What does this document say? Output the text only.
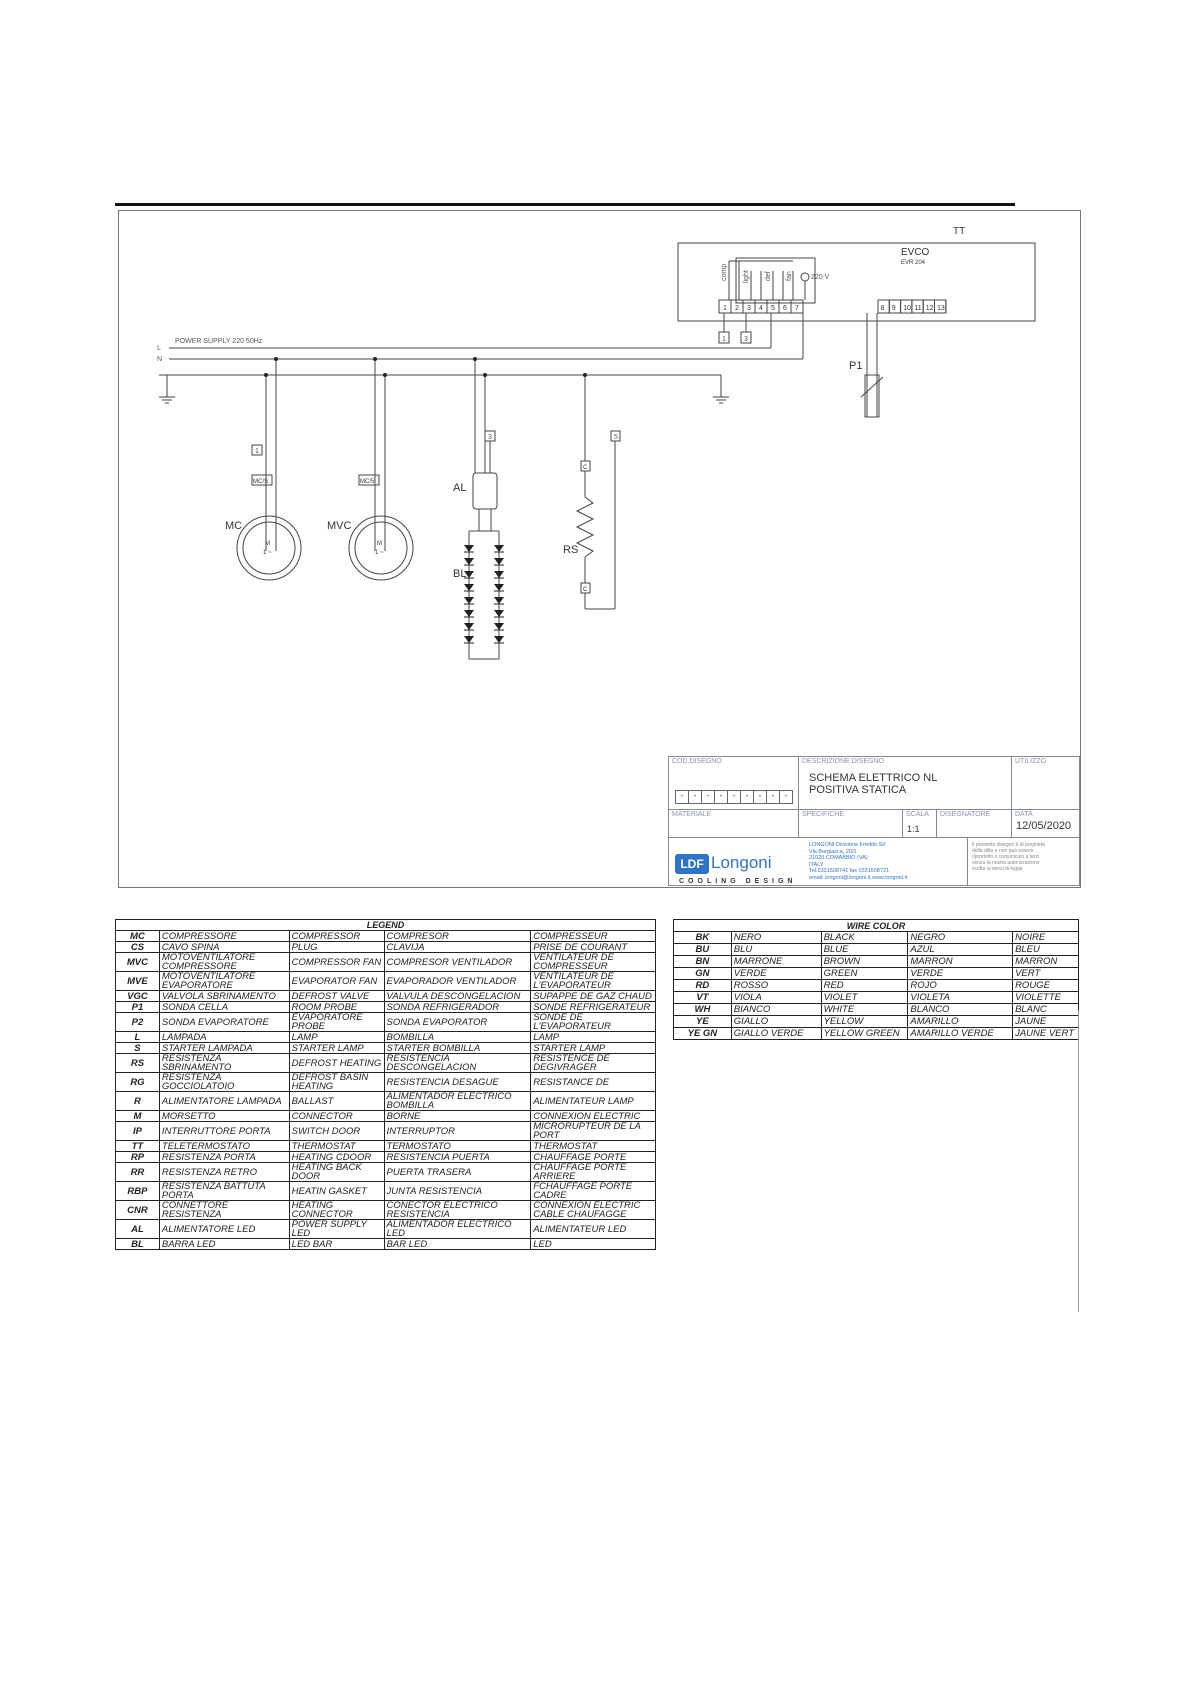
TT
EVCO
EVR 204
POWER SUPPLY 220 50Hz
L
N
comp light def fan	220 V
1 2 3 4 5 6 7	8 9 10 11 12 13
1	3
1
MC/S	MC/5
3	5
C
C
P1
MC	MVC
AL
BL
RS
M
1 ~
M
1 ~
COD.DISEGNO
-	-	-	-	-	-	-	-	-
DESCRIZIONE DISEGNO
SCHEMA ELETTRICO NL
POSITIVA STATICA
UTILIZZO
MATERIALE	SPECIFICHE	SCALA
1:1
DISEGNATORE	DATA
12/05/2020
LDF Longoni
COOLING DESIGN
LONGONI Divisione Freddo Srl
Via Borgiasca, 20/1
21020 COMABBIO (VA)
ITALY
Tel.0331508741 fax 0331508721
email: longoni@longoni.it www.longoni.it
Il presente disegno è di proprietà
della ditta e non può essere
riprodotto o comunicato a terzi
senza la nostra autorizzazione
scritta ai sensi di legge
LEGEND				
MC	COMPRESSORE	COMPRESSOR	COMPRESOR	COMPRESSEUR
CS	CAVO SPINA	PLUG	CLAVIJA	PRISE DE COURANT
MVC	MOTOVENTILATORE COMPRESSORE	COMPRESSOR FAN	COMPRESOR VENTILADOR	VENTILATEUR DE COMPRESSEUR
MVE	MOTOVENTILATORE EVAPORATORE	EVAPORATOR FAN	EVAPORADOR VENTILADOR	VENTILATEUR DE L'EVAPORATEUR
VGC	VALVOLA SBRINAMENTO	DEFROST VALVE	VALVULA DESCONGELACION	SUPAPPE DE GAZ CHAUD
P1	SONDA CELLA	ROOM PROBE	SONDA REFRIGERADOR	SONDE REFRIGERATEUR
P2	SONDA EVAPORATORE	EVAPORATORE PROBE	SONDA EVAPORATOR	SONDE DE L'EVAPORATEUR
L	LAMPADA	LAMP	BOMBILLA	LAMP
S	STARTER LAMPADA	STARTER LAMP	STARTER BOMBILLA	STARTER LAMP
RS	RESISTENZA SBRINAMENTO	DEFROST HEATING	RESISTENCIA DESCONGELACION	RESISTENCE DE DEGIVRAGER
RG	RESISTENZA GOCCIOLATOIO	DEFROST BASIN HEATING	RESISTENCIA DESAGUE	RESISTANCE DE
R	ALIMENTATORE LAMPADA	BALLAST	ALIMENTADOR ELECTRICO BOMBILLA	ALIMENTATEUR LAMP
M	MORSETTO	CONNECTOR	BORNE	CONNEXION ELECTRIC
IP	INTERRUTTORE PORTA	SWITCH DOOR	INTERRUPTOR	MICRORUPTEUR DE LA PORT
TT	TELETERMOSTATO	THERMOSTAT	TERMOSTATO	THERMOSTAT
RP	RESISTENZA PORTA	HEATING CDOOR	RESISTENCIA PUERTA	CHAUFFAGE PORTE
RR	RESISTENZA RETRO	HEATING BACK DOOR	PUERTA TRASERA	CHAUFFAGE PORTE ARRIERE
RBP	RESISTENZA BATTUTA PORTA	HEATIN GASKET	JUNTA RESISTENCIA	FCHAUFFAGE PORTE CADRE
CNR	CONNETTORE RESISTENZA	HEATING CONNECTOR	CONECTOR ELECTRICO RESISTENCIA	CONNEXION ELECTRIC CABLE CHAUFAGGE
AL	ALIMENTATORE LED	POWER SUPPLY LED	ALIMENTADOR ELECTRICO LED	ALIMENTATEUR LED
BL	BARRA LED	LED BAR	BAR LED	LED
WIRE COLOR				
BK	NERO	BLACK	NEGRO	NOIRE
BU	BLU	BLUE	AZUL	BLEU
BN	MARRONE	BROWN	MARRON	MARRON
GN	VERDE	GREEN	VERDE	VERT
RD	ROSSO	RED	ROJO	ROUGE
VT	VIOLA	VIOLET	VIOLETA	VIOLETTE
WH	BIANCO	WHITE	BLANCO	BLANC
YE	GIALLO	YELLOW	AMARILLO	JAUNE
YE GN	GIALLO VERDE	YELLOW GREEN	AMARILLO VERDE	JAUNE VERT
